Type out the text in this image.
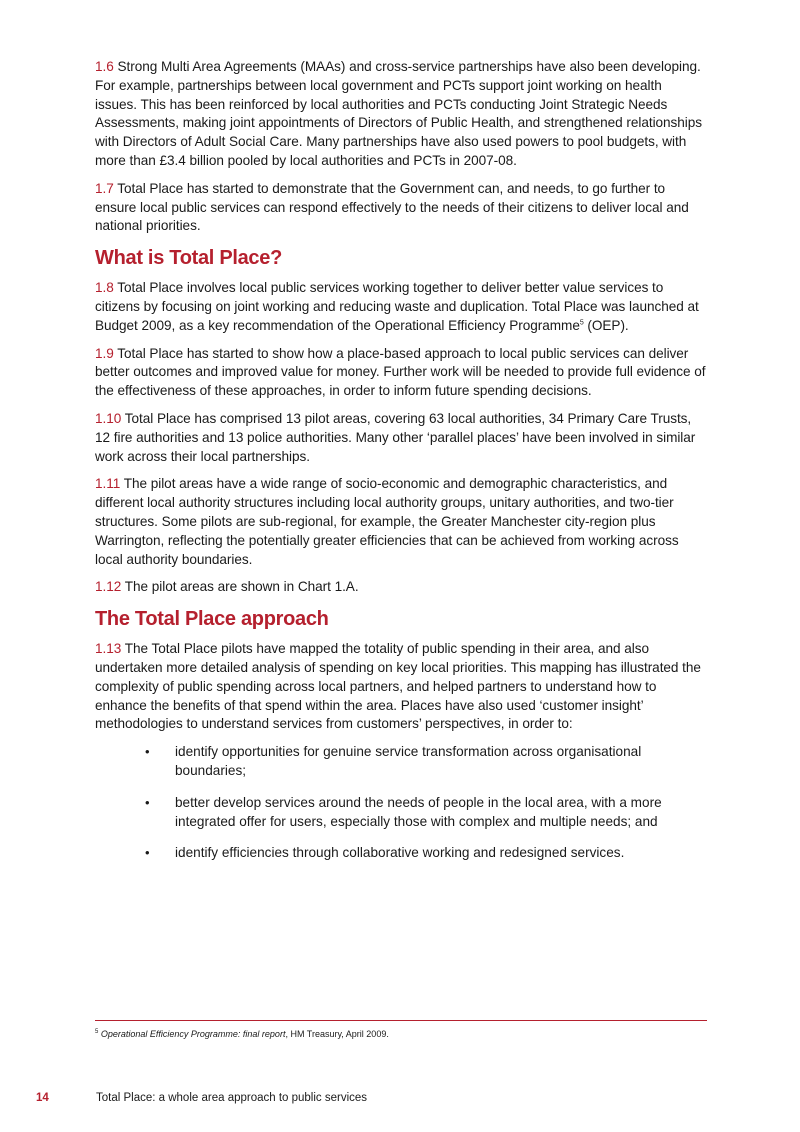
1.6 Strong Multi Area Agreements (MAAs) and cross-service partnerships have also been developing. For example, partnerships between local government and PCTs support joint working on health issues. This has been reinforced by local authorities and PCTs conducting Joint Strategic Needs Assessments, making joint appointments of Directors of Public Health, and strengthened relationships with Directors of Adult Social Care. Many partnerships have also used powers to pool budgets, with more than £3.4 billion pooled by local authorities and PCTs in 2007-08.

1.7 Total Place has started to demonstrate that the Government can, and needs, to go further to ensure local public services can respond effectively to the needs of their citizens to deliver local and national priorities.

What is Total Place?

1.8 Total Place involves local public services working together to deliver better value services to citizens by focusing on joint working and reducing waste and duplication. Total Place was launched at Budget 2009, as a key recommendation of the Operational Efficiency Programme$^5$ (OEP).

1.9 Total Place has started to show how a place-based approach to local public services can deliver better outcomes and improved value for money. Further work will be needed to provide full evidence of the effectiveness of these approaches, in order to inform future spending decisions.

1.10 Total Place has comprised 13 pilot areas, covering 63 local authorities, 34 Primary Care Trusts, 12 fire authorities and 13 police authorities. Many other ‘parallel places’ have been involved in similar work across their local partnerships.

1.11 The pilot areas have a wide range of socio-economic and demographic characteristics, and different local authority structures including local authority groups, unitary authorities, and two-tier structures. Some pilots are sub-regional, for example, the Greater Manchester city-region plus Warrington, reflecting the potentially greater efficiencies that can be achieved from working across local authority boundaries.

1.12 The pilot areas are shown in Chart 1.A.

The Total Place approach

1.13 The Total Place pilots have mapped the totality of public spending in their area, and also undertaken more detailed analysis of spending on key local priorities. This mapping has illustrated the complexity of public spending across local partners, and helped partners to understand how to enhance the benefits of that spend within the area. Places have also used ‘customer insight’ methodologies to understand services from customers’ perspectives, in order to:

• identify opportunities for genuine service transformation across organisational boundaries;
• better develop services around the needs of people in the local area, with a more integrated offer for users, especially those with complex and multiple needs; and
• identify efficiencies through collaborative working and redesigned services.
$^5$ Operational Efficiency Programme: final report, HM Treasury, April 2009.
14	Total Place: a whole area approach to public services
